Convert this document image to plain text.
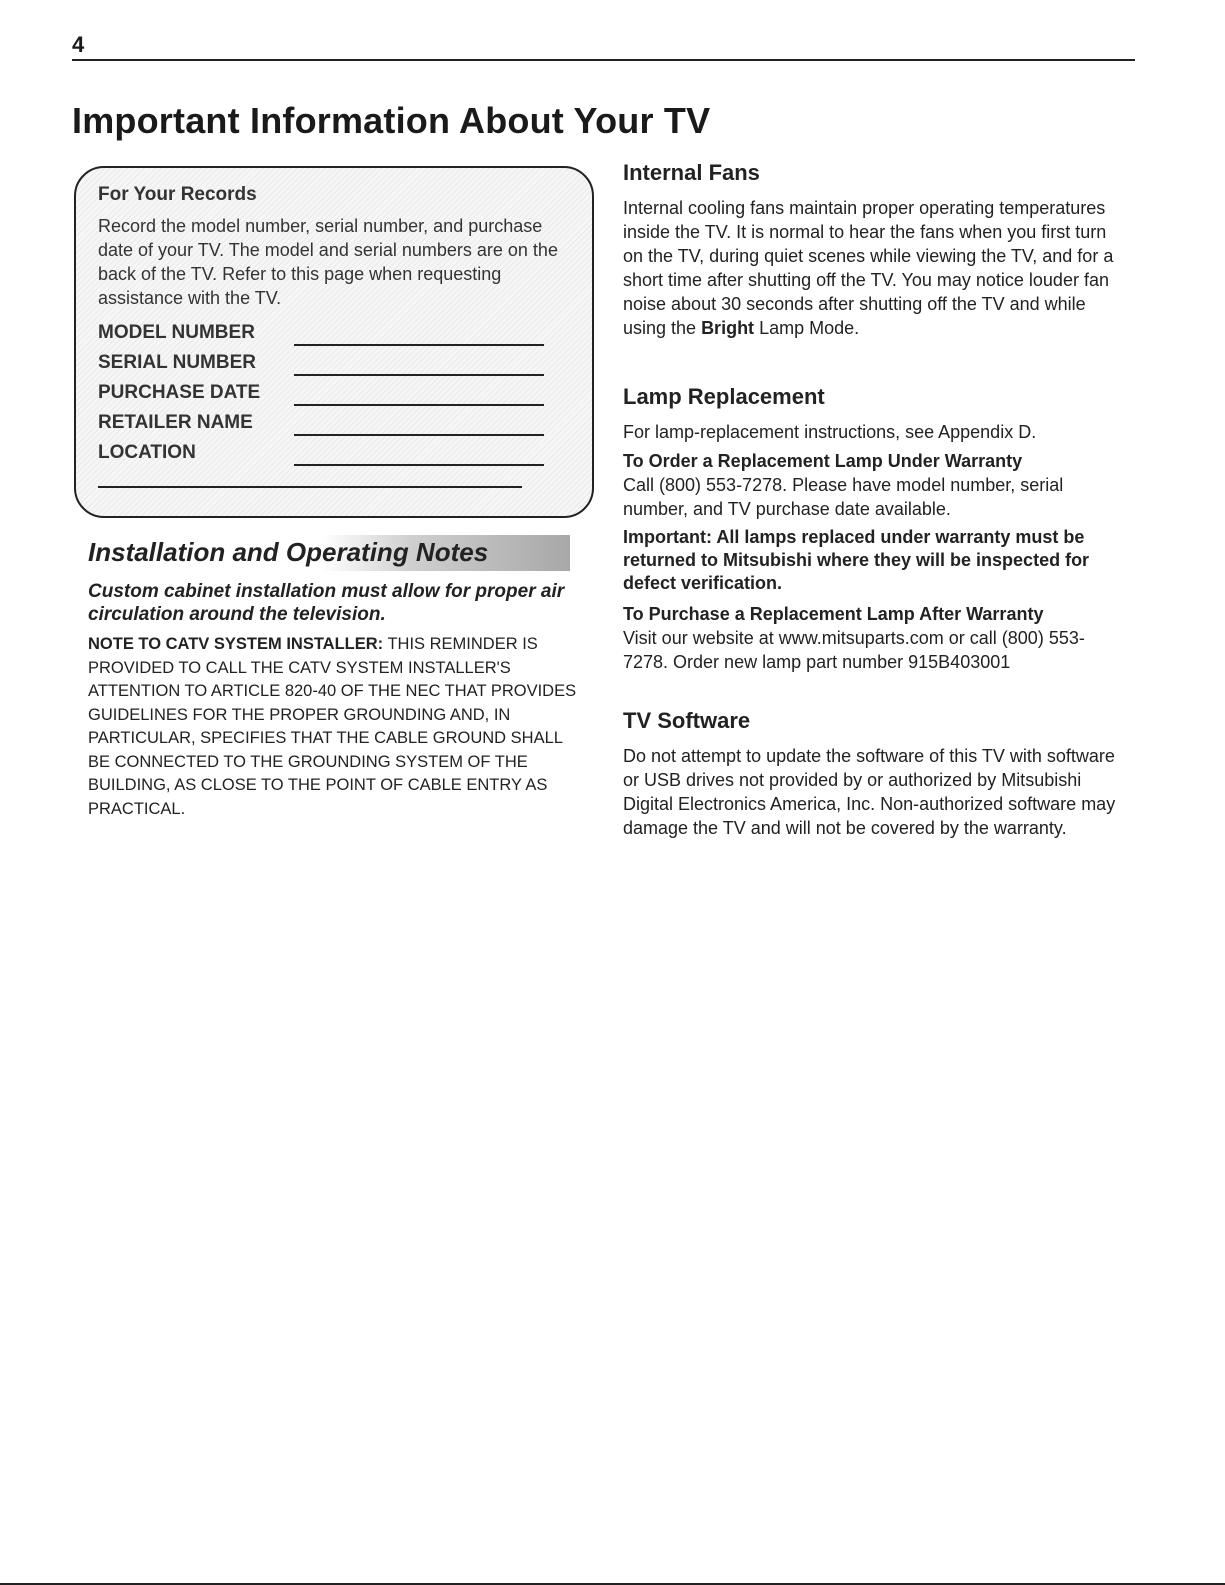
4
Important Information About Your TV
For Your Records

Record the model number, serial number, and purchase date of your TV. The model and serial numbers are on the back of the TV. Refer to this page when requesting assistance with the TV.

MODEL NUMBER
SERIAL NUMBER
PURCHASE DATE
RETAILER NAME
LOCATION
Installation and Operating Notes

Custom cabinet installation must allow for proper air circulation around the television.

NOTE TO CATV SYSTEM INSTALLER: THIS REMINDER IS PROVIDED TO CALL THE CATV SYSTEM INSTALLER'S ATTENTION TO ARTICLE 820-40 OF THE NEC THAT PROVIDES GUIDELINES FOR THE PROPER GROUNDING AND, IN PARTICULAR, SPECIFIES THAT THE CABLE GROUND SHALL BE CONNECTED TO THE GROUNDING SYSTEM OF THE BUILDING, AS CLOSE TO THE POINT OF CABLE ENTRY AS PRACTICAL.

Internal Fans

Internal cooling fans maintain proper operating temperatures inside the TV. It is normal to hear the fans when you first turn on the TV, during quiet scenes while viewing the TV, and for a short time after shutting off the TV. You may notice louder fan noise about 30 seconds after shutting off the TV and while using the Bright Lamp Mode.

Lamp Replacement

For lamp-replacement instructions, see Appendix D.

To Order a Replacement Lamp Under Warranty

Call (800) 553-7278. Please have model number, serial number, and TV purchase date available.

Important: All lamps replaced under warranty must be returned to Mitsubishi where they will be inspected for defect verification.

To Purchase a Replacement Lamp After Warranty

Visit our website at www.mitsuparts.com or call (800) 553-7278. Order new lamp part number 915B403001

TV Software

Do not attempt to update the software of this TV with software or USB drives not provided by or authorized by Mitsubishi Digital Electronics America, Inc. Non-authorized software may damage the TV and will not be covered by the warranty.
